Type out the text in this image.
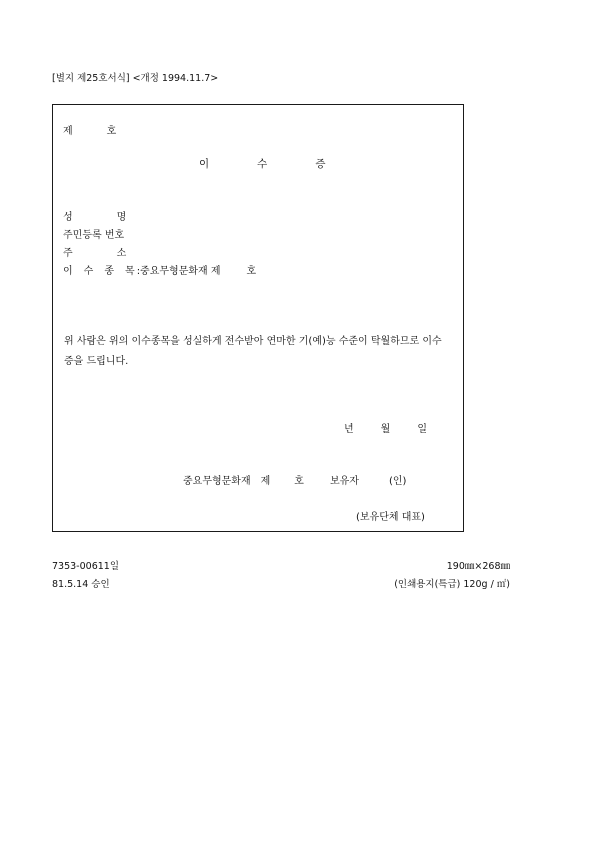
[별지 제25호서식] <개정 1994.11.7>
제	호
이	수	증
성	명
주민등록 번호
주	소
이 수 종 목 :중요무형문화재 제	호
위 사람은 위의 이수종목을 성실하게 전수받아 연마한 기(예)능 수준이 탁월하므로 이수증을 드립니다.
년	월	일
중요무형문화재 제 호	보유자	(인)
(보유단체 대표)
7353-00611일	190㎜×268㎜
81.5.14 승인	(인쇄용지(특급) 120g / ㎡)
